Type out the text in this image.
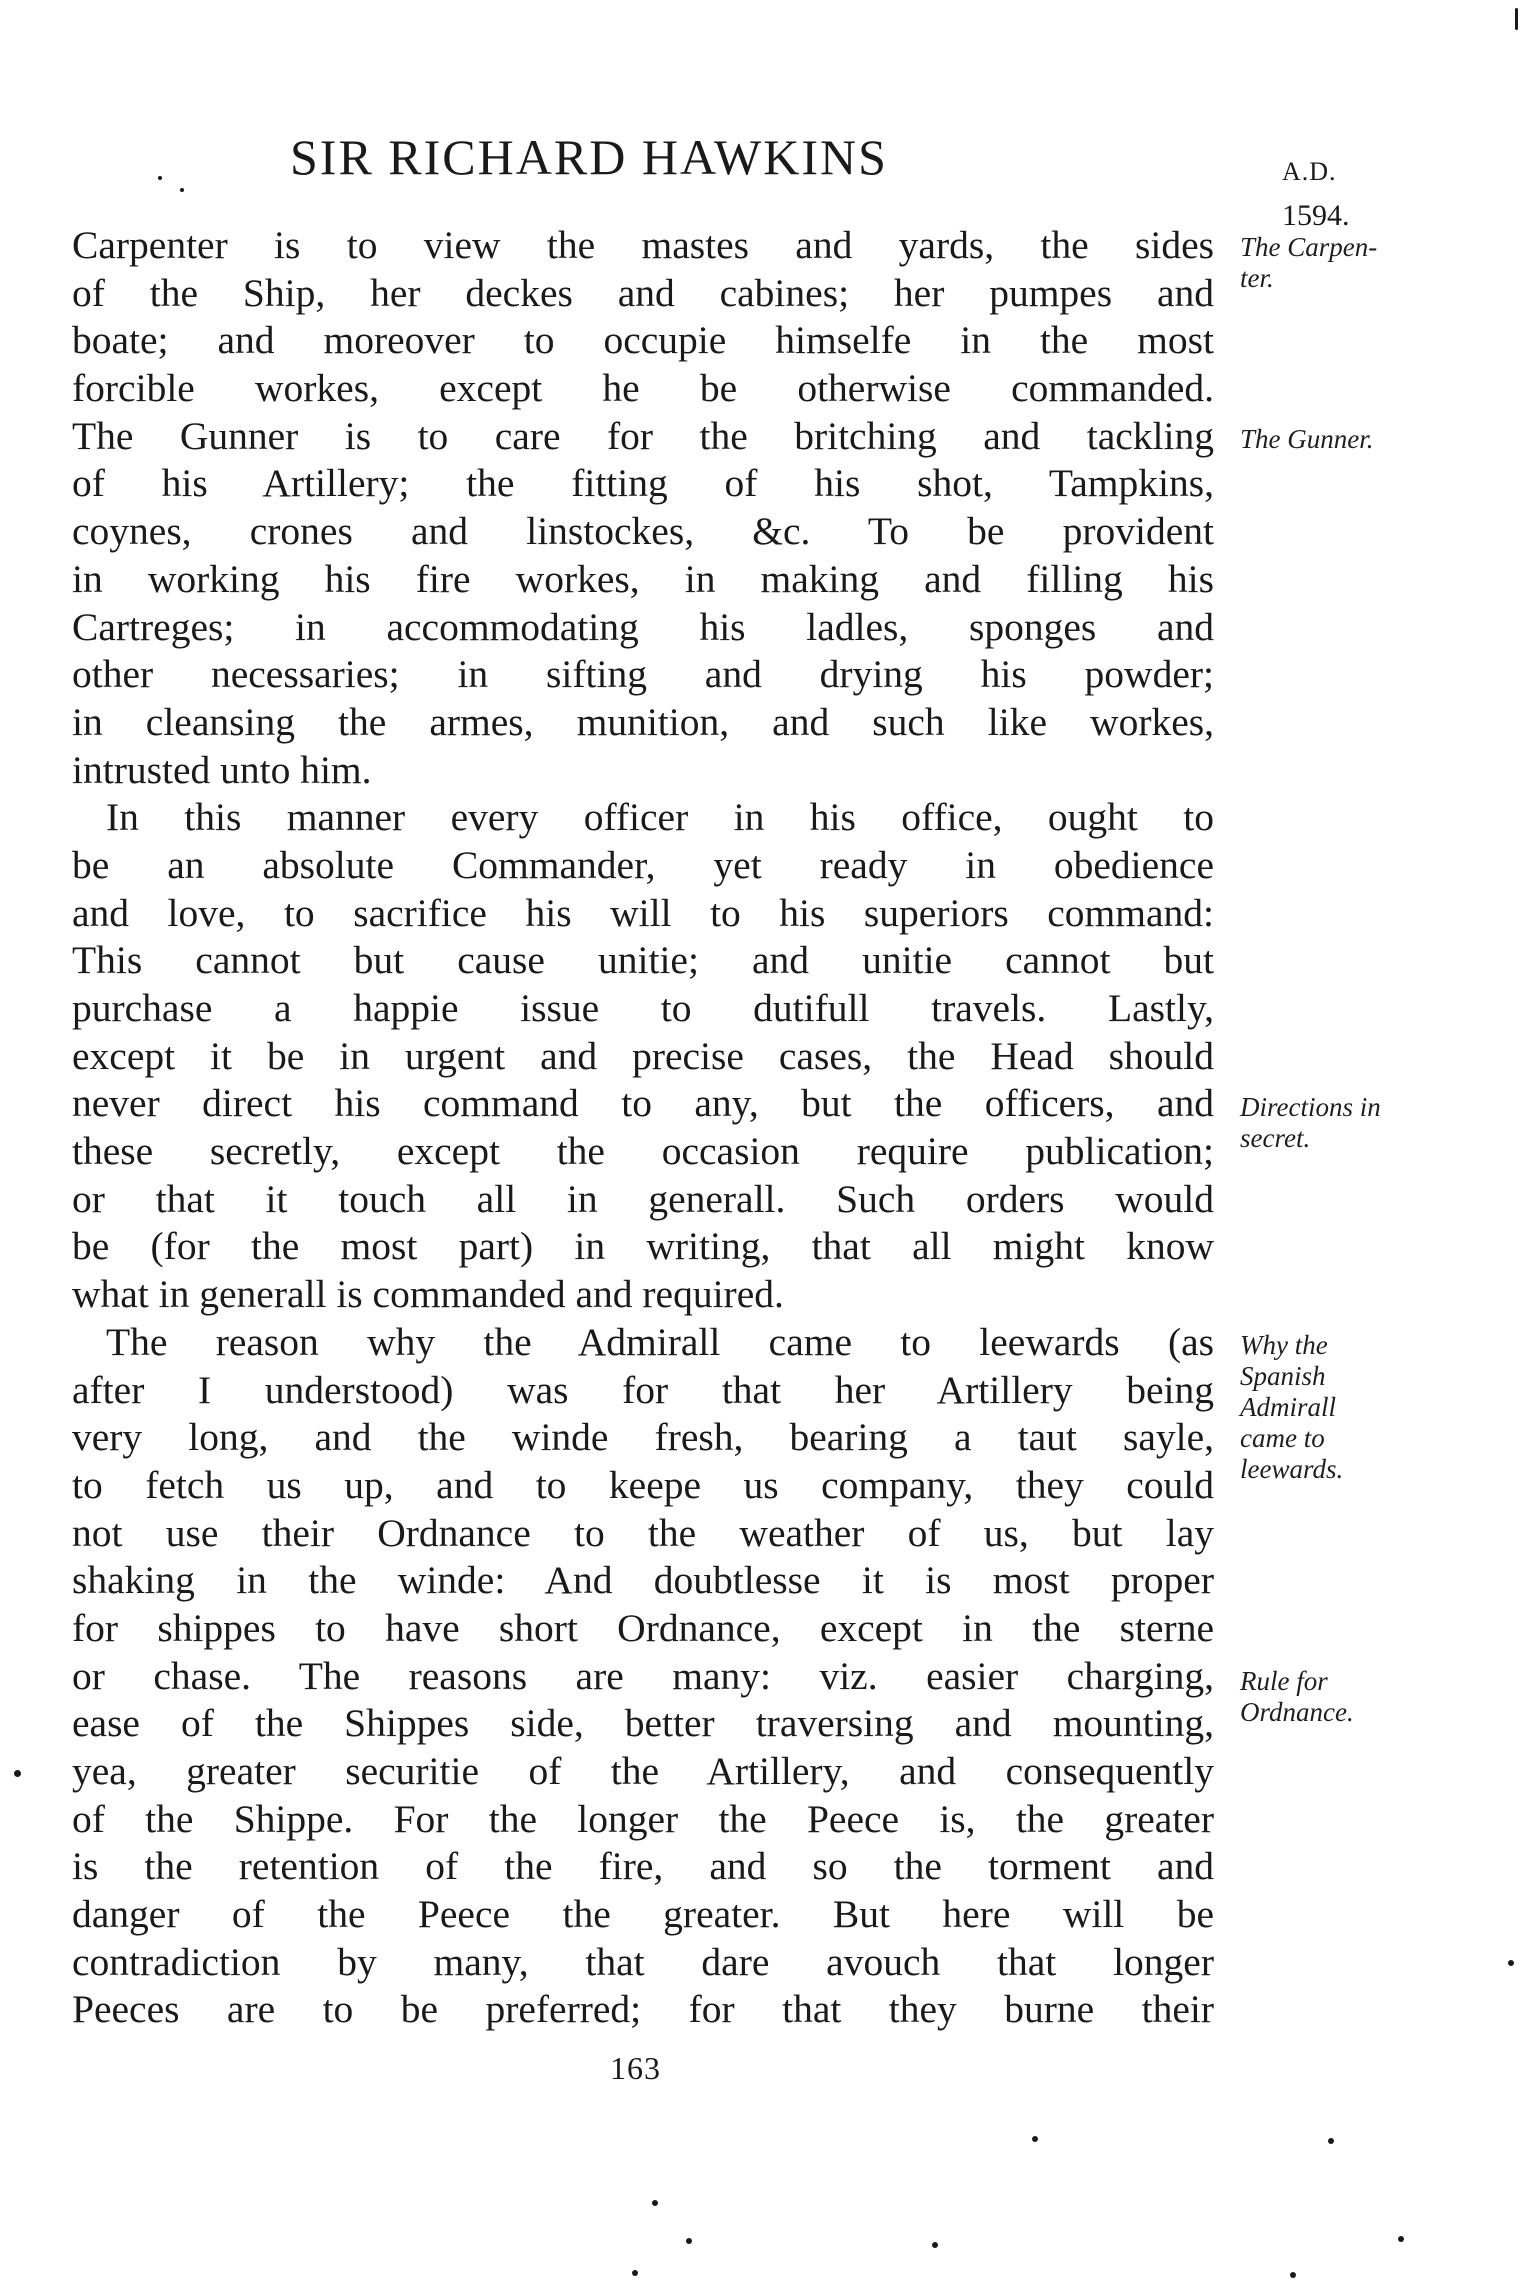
SIR RICHARD HAWKINS	A.D.
1594.
Carpenter is to view the mastes and yards, the sides
of the Ship, her deckes and cabines; her pumpes and
boate; and moreover to occupie himselfe in the most
forcible workes, except he be otherwise commanded.
The Gunner is to care for the britching and tackling
of his Artillery; the fitting of his shot, Tampkins,
coynes, crones and linstockes, &c. To be provident
in working his fire workes, in making and filling his
Cartreges; in accommodating his ladles, sponges and
other necessaries; in sifting and drying his powder;
in cleansing the armes, munition, and such like workes,
intrusted unto him.
In this manner every officer in his office, ought to
be an absolute Commander, yet ready in obedience
and love, to sacrifice his will to his superiors command:
This cannot but cause unitie; and unitie cannot but
purchase a happie issue to dutifull travels. Lastly,
except it be in urgent and precise cases, the Head should
never direct his command to any, but the officers, and
these secretly, except the occasion require publication;
or that it touch all in generall. Such orders would
be (for the most part) in writing, that all might know
what in generall is commanded and required.
The reason why the Admirall came to leewards (as
after I understood) was for that her Artillery being
very long, and the winde fresh, bearing a taut sayle,
to fetch us up, and to keepe us company, they could
not use their Ordnance to the weather of us, but lay
shaking in the winde: And doubtlesse it is most proper
for shippes to have short Ordnance, except in the sterne
or chase. The reasons are many: viz. easier charging,
ease of the Shippes side, better traversing and mounting,
yea, greater securitie of the Artillery, and consequently
of the Shippe. For the longer the Peece is, the greater
is the retention of the fire, and so the torment and
danger of the Peece the greater. But here will be
contradiction by many, that dare avouch that longer
Peeces are to be preferred; for that they burne their
The Carpen-
ter.
The Gunner.
Directions in
secret.
Why the
Spanish
Admirall
came to
leewards.
Rule for
Ordnance.
163
